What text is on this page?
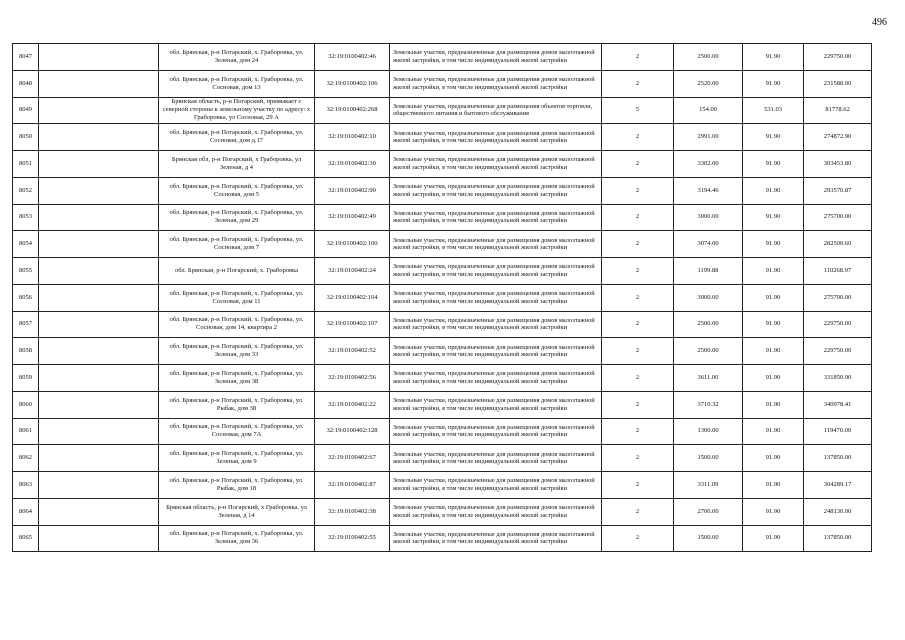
496
8047		обл. Брянская, р-н Погарский, х. Граборовка, ул. Зеленая, дом 24	32:19:0100402:46	Земельные участки, предназначенные для размещения домов малоэтажной жилой застройки, в том числе индивидуальной жилой застройки	2	2500.00	91.90	229750.00
8048		обл. Брянская, р-н Погарский, х. Граборовка, ул. Сосновая, дом 13	32:19:0100402:106	Земельные участки, предназначенные для размещения домов малоэтажной жилой застройки, в том числе индивидуальной жилой застройки	2	2520.00	91.90	231588.00
8049		Брянская область, р-н Погарский, примыкает с северной стороны к земельному участку по адресу: х Граборовка, ул Сосновая, 29 А	32:19:0100402:268	Земельные участки, предназначенные для размещения объектов торговли, общественного питания и бытового обслуживания	5	154.00	531.03	81778.62
8050		обл. Брянская, р-н Погарский, х. Граборовка, ул. Сосновая, дом д.17	32:19:0100402:10	Земельные участки, предназначенные для размещения домов малоэтажной жилой застройки, в том числе индивидуальной жилой застройки	2	2991.00	91.90	274872.90
8051		Брянская обл, р-н Погарский, х Граборовка, ул Зеленая, д 4	32:19:0100402:30	Земельные участки, предназначенные для размещения домов малоэтажной жилой застройки, в том числе индивидуальной жилой застройки	2	3302.00	91.90	303453.80
8052		обл. Брянская, р-н Погарский, х. Граборовка, ул. Сосновая, дом 5	32:19:0100402:99	Земельные участки, предназначенные для размещения домов малоэтажной жилой застройки, в том числе индивидуальной жилой застройки	2	3194.46	91.90	293570.87
8053		обл. Брянская, р-н Погарский, х. Граборовка, ул. Зеленая, дом 29	32:19:0100402:49	Земельные участки, предназначенные для размещения домов малоэтажной жилой застройки, в том числе индивидуальной жилой застройки	2	3000.00	91.90	275700.00
8054		обл. Брянская, р-н Погарский, х. Граборовка, ул. Сосновая, дом 7	32:19:0100402:100	Земельные участки, предназначенные для размещения домов малоэтажной жилой застройки, в том числе индивидуальной жилой застройки	2	3074.00	91.90	282500.60
8055		обл. Брянская, р-н Погарский, х. Граборовка	32:19:0100402:24	Земельные участки, предназначенные для размещения домов малоэтажной жилой застройки, в том числе индивидуальной жилой застройки	2	1199.88	91.90	110268.97
8056		обл. Брянская, р-н Погарский, х. Граборовка, ул. Сосновая, дом 11	32:19:0100402:104	Земельные участки, предназначенные для размещения домов малоэтажной жилой застройки, в том числе индивидуальной жилой застройки	2	3000.00	91.90	275700.00
8057		обл. Брянская, р-н Погарский, х. Граборовка, ул. Сосновая, дом 14, квартира 2	32:19:0100402:107	Земельные участки, предназначенные для размещения домов малоэтажной жилой застройки, в том числе индивидуальной жилой застройки	2	2500.00	91.90	229750.00
8058		обл. Брянская, р-н Погарский, х. Граборовка, ул. Зеленая, дом 33	32:19:0100402:52	Земельные участки, предназначенные для размещения домов малоэтажной жилой застройки, в том числе индивидуальной жилой застройки	2	2500.00	91.90	229750.00
8059		обл. Брянская, р-н Погарский, х. Граборовка, ул. Зеленая, дом 38	32:19:0100402:56	Земельные участки, предназначенные для размещения домов малоэтажной жилой застройки, в том числе индивидуальной жилой застройки	2	3611.00	91.90	331850.90
8060		обл. Брянская, р-н Погарский, х. Граборовка, ул. Рыбак, дом 38	32:19:0100402:22	Земельные участки, предназначенные для размещения домов малоэтажной жилой застройки, в том числе индивидуальной жилой застройки	2	3710.32	91.90	340978.41
8061		обл. Брянская, р-н Погарский, х. Граборовка, ул. Сосновая, дом 7А	32:19:0100402:128	Земельные участки, предназначенные для размещения домов малоэтажной жилой застройки, в том числе индивидуальной жилой застройки	2	1300.00	91.90	119470.00
8062		обл. Брянская, р-н Погарский, х. Граборовка, ул. Зеленая, дом 9	32:19:0100402:67	Земельные участки, предназначенные для размещения домов малоэтажной жилой застройки, в том числе индивидуальной жилой застройки	2	1500.00	91.90	137850.00
8063		обл. Брянская, р-н Погарский, х. Граборовка, ул. Рыбак, дом 18	32:19:0100402:87	Земельные участки, предназначенные для размещения домов малоэтажной жилой застройки, в том числе индивидуальной жилой застройки	2	3311.09	91.90	304289.17
8064		Брянская область, р-н Погарский, х Граборовка, ул Зеленая, д 14	32:19:0100402:38	Земельные участки, предназначенные для размещения домов малоэтажной жилой застройки, в том числе индивидуальной жилой застройки	2	2700.00	91.90	248130.00
8065		обл. Брянская, р-н Погарский, х. Граборовка, ул. Зеленая, дом 36	32:19:0100402:55	Земельные участки, предназначенные для размещения домов малоэтажной жилой застройки, в том числе индивидуальной жилой застройки	2	1500.00	91.90	137850.00
